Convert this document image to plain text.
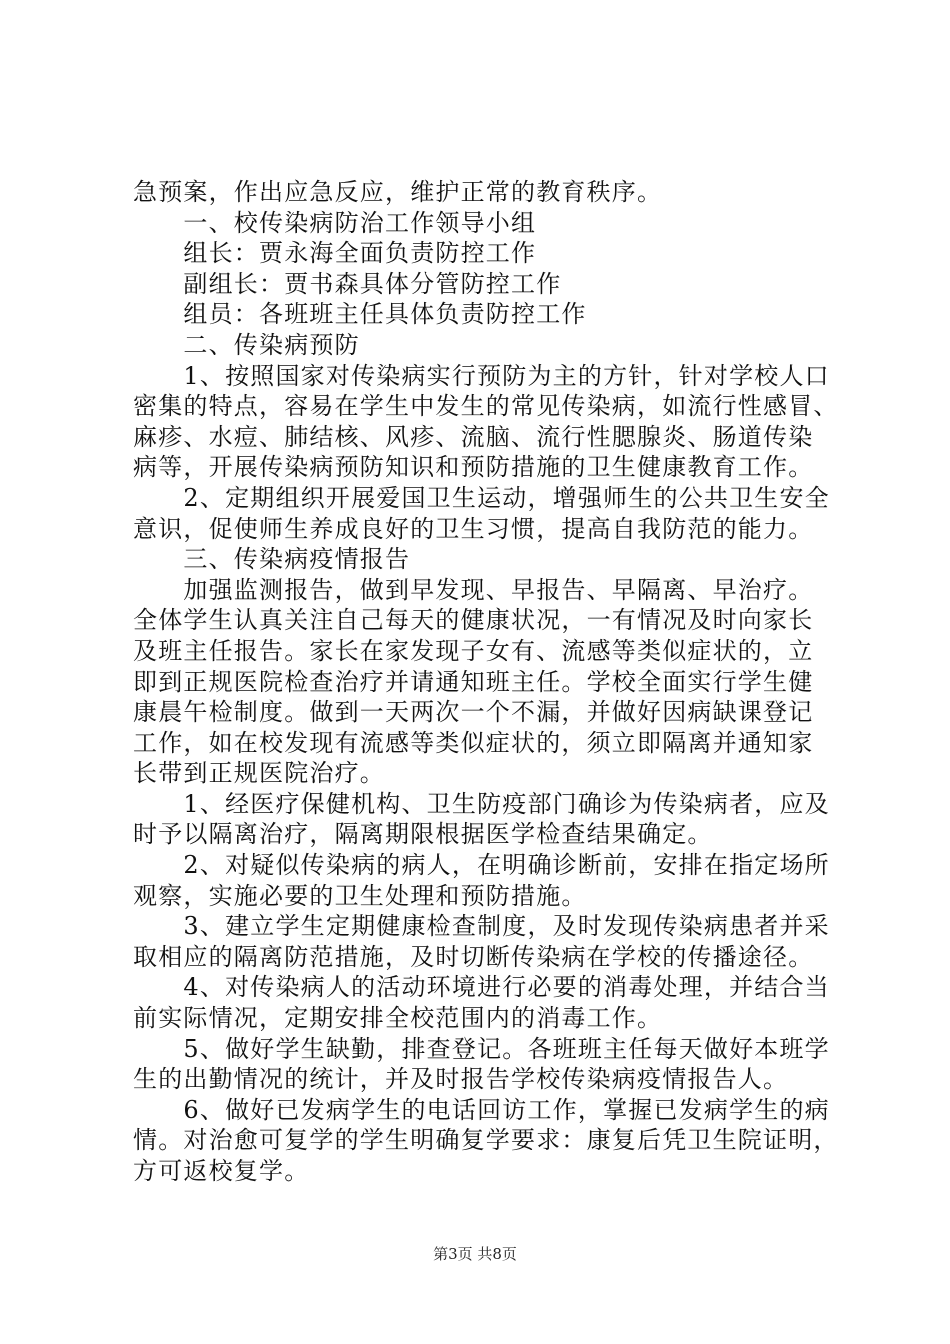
急预案，作出应急反应，维护正常的教育秩序。
　　一、校传染病防治工作领导小组
　　组长：贾永海全面负责防控工作
　　副组长：贾书森具体分管防控工作
　　组员：各班班主任具体负责防控工作
　　二、传染病预防
　　1、按照国家对传染病实行预防为主的方针，针对学校人口
密集的特点，容易在学生中发生的常见传染病，如流行性感冒、
麻疹、水痘、肺结核、风疹、流脑、流行性腮腺炎、肠道传染
病等，开展传染病预防知识和预防措施的卫生健康教育工作。
　　2、定期组织开展爱国卫生运动，增强师生的公共卫生安全
意识，促使师生养成良好的卫生习惯，提高自我防范的能力。
　　三、传染病疫情报告
　　加强监测报告，做到早发现、早报告、早隔离、早治疗。
全体学生认真关注自己每天的健康状况，一有情况及时向家长
及班主任报告。家长在家发现子女有、流感等类似症状的，立
即到正规医院检查治疗并请通知班主任。学校全面实行学生健
康晨午检制度。做到一天两次一个不漏，并做好因病缺课登记
工作，如在校发现有流感等类似症状的，须立即隔离并通知家
长带到正规医院治疗。
　　1、经医疗保健机构、卫生防疫部门确诊为传染病者，应及
时予以隔离治疗，隔离期限根据医学检查结果确定。
　　2、对疑似传染病的病人，在明确诊断前，安排在指定场所
观察，实施必要的卫生处理和预防措施。
　　3、建立学生定期健康检查制度，及时发现传染病患者并采
取相应的隔离防范措施，及时切断传染病在学校的传播途径。
　　4、对传染病人的活动环境进行必要的消毒处理，并结合当
前实际情况，定期安排全校范围内的消毒工作。
　　5、做好学生缺勤，排查登记。各班班主任每天做好本班学
生的出勤情况的统计，并及时报告学校传染病疫情报告人。
　　6、做好已发病学生的电话回访工作，掌握已发病学生的病
情。对治愈可复学的学生明确复学要求：康复后凭卫生院证明，
方可返校复学。
第3页 共8页
